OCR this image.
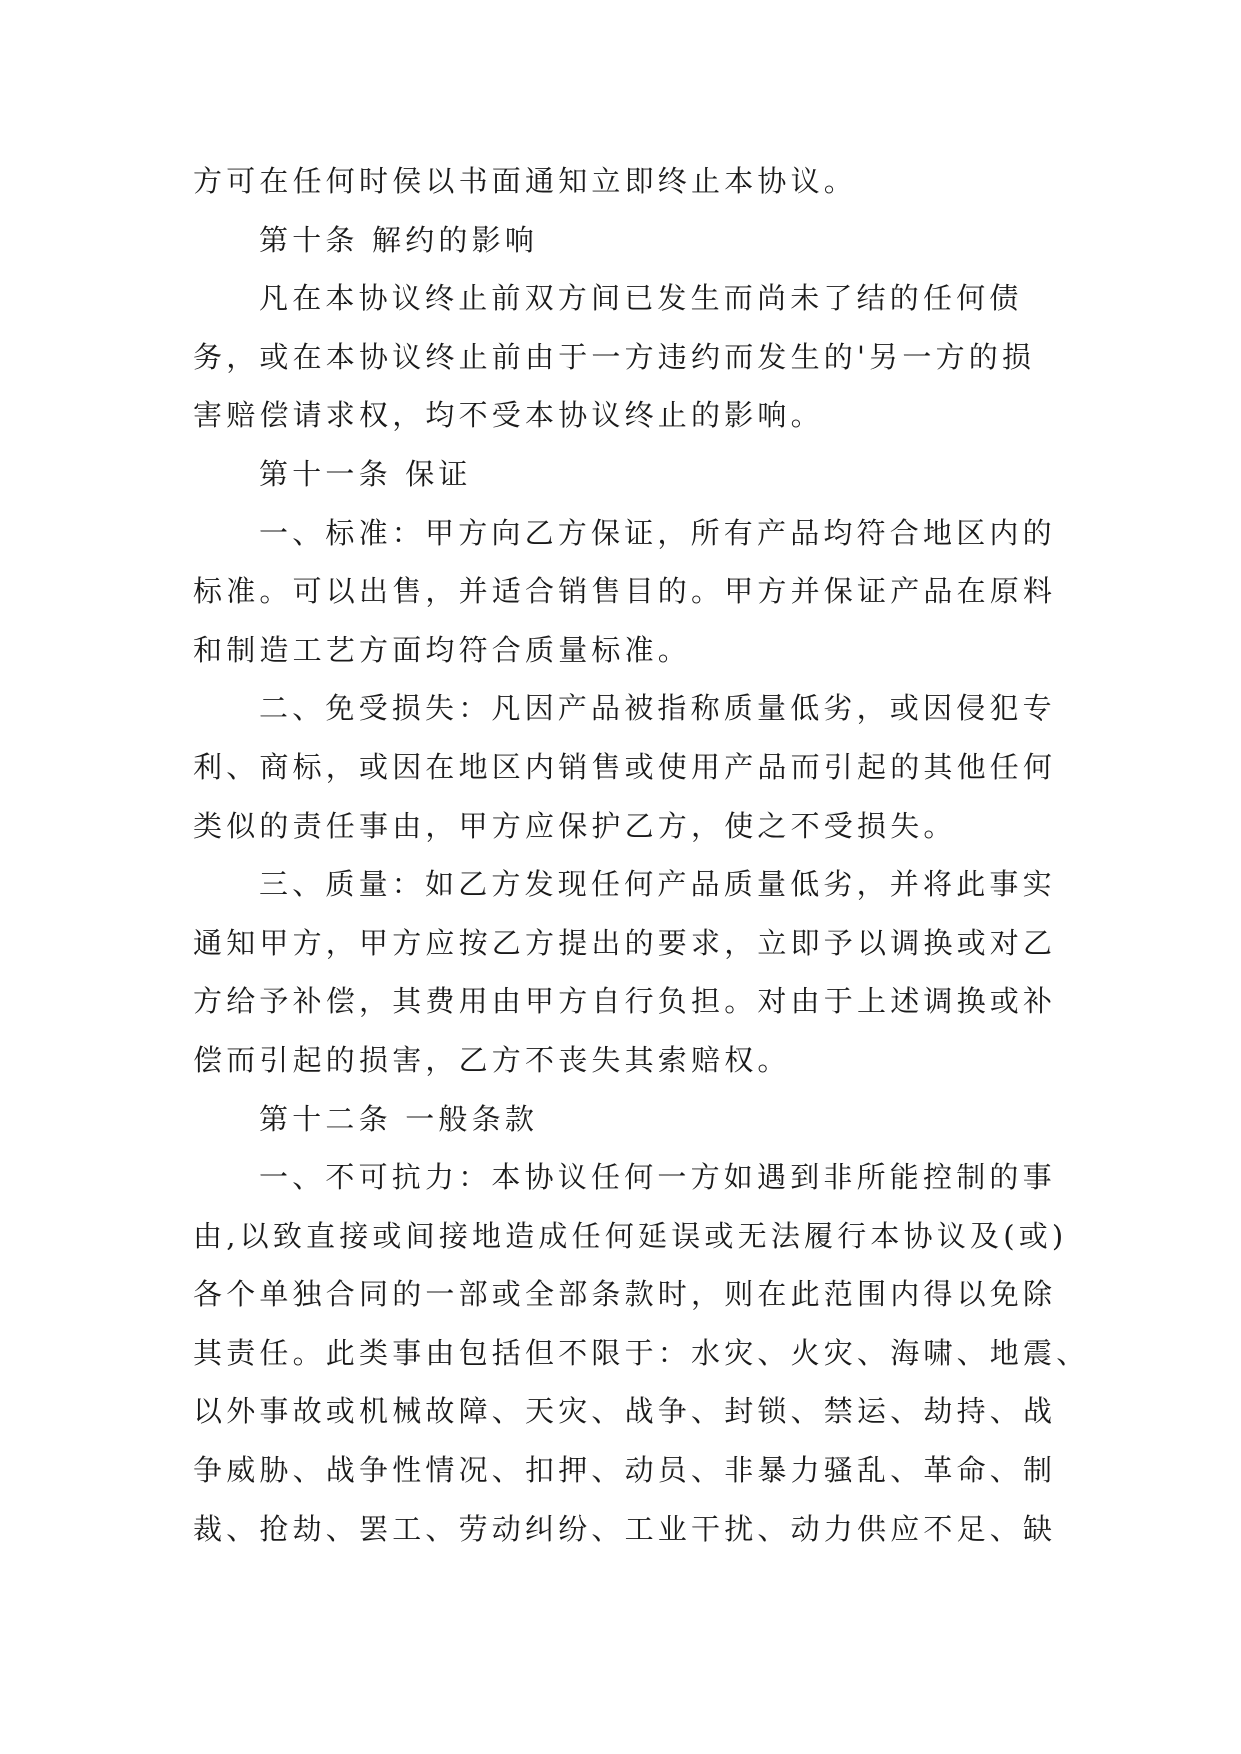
方可在任何时侯以书面通知立即终止本协议。
第十条 解约的影响
凡在本协议终止前双方间已发生而尚未了结的任何债
务，或在本协议终止前由于一方违约而发生的'另一方的损
害赔偿请求权，均不受本协议终止的影响。
第十一条 保证
一、标准：甲方向乙方保证，所有产品均符合地区内的
标准。可以出售，并适合销售目的。甲方并保证产品在原料
和制造工艺方面均符合质量标准。
二、免受损失：凡因产品被指称质量低劣，或因侵犯专
利、商标，或因在地区内销售或使用产品而引起的其他任何
类似的责任事由，甲方应保护乙方，使之不受损失。
三、质量：如乙方发现任何产品质量低劣，并将此事实
通知甲方，甲方应按乙方提出的要求，立即予以调换或对乙
方给予补偿，其费用由甲方自行负担。对由于上述调换或补
偿而引起的损害，乙方不丧失其索赔权。
第十二条 一般条款
一、不可抗力：本协议任何一方如遇到非所能控制的事
由,以致直接或间接地造成任何延误或无法履行本协议及(或)
各个单独合同的一部或全部条款时，则在此范围内得以免除
其责任。此类事由包括但不限于：水灾、火灾、海啸、地震、
以外事故或机械故障、天灾、战争、封锁、禁运、劫持、战
争威胁、战争性情况、扣押、动员、非暴力骚乱、革命、制
裁、抢劫、罢工、劳动纠纷、工业干扰、动力供应不足、缺
